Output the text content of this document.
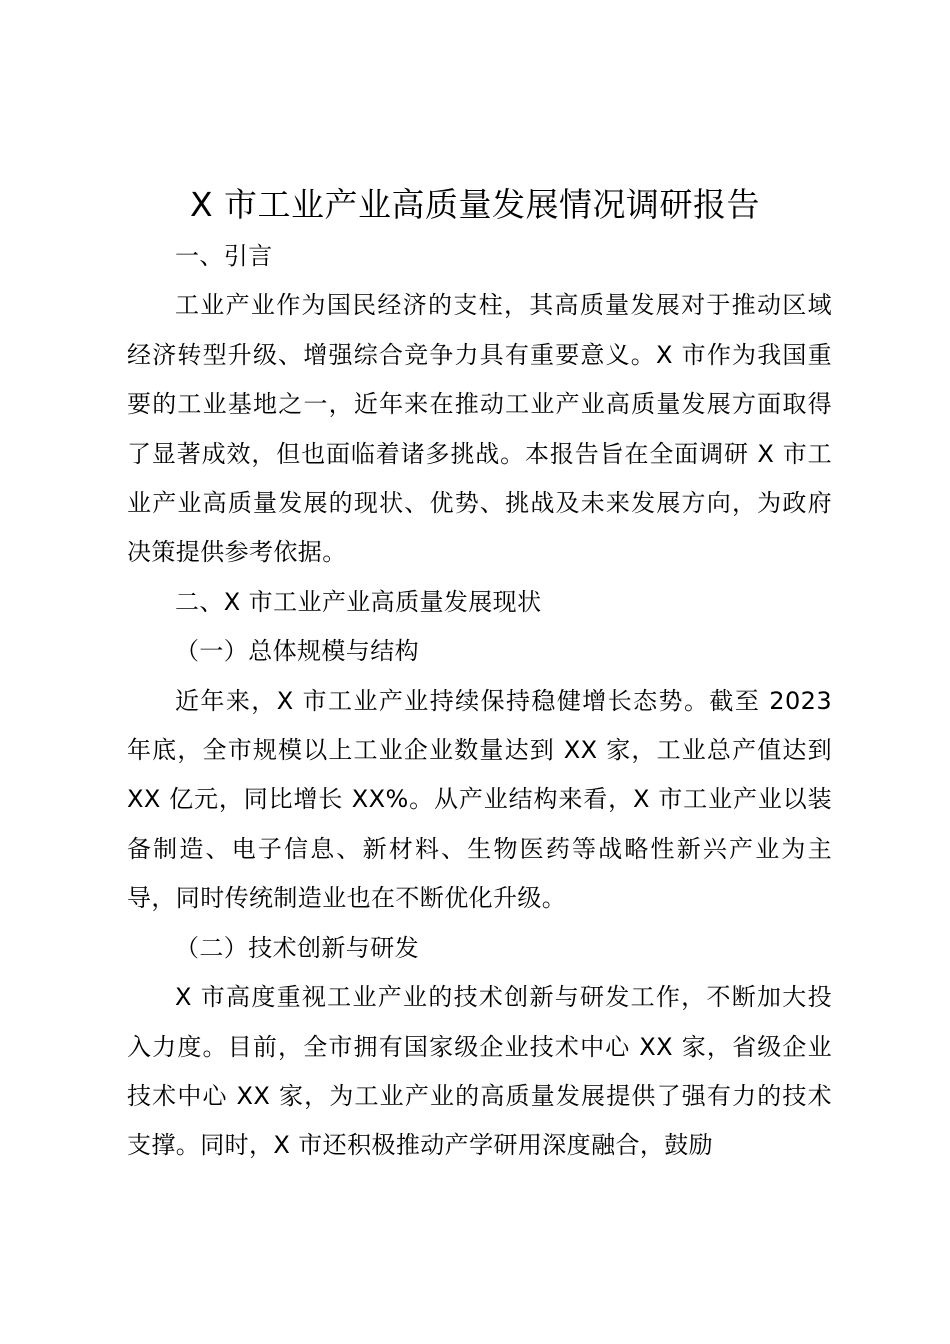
X 市工业产业高质量发展情况调研报告

一、引言

工业产业作为国民经济的支柱，其高质量发展对于推动区域经济转型升级、增强综合竞争力具有重要意义。X 市作为我国重要的工业基地之一，近年来在推动工业产业高质量发展方面取得了显著成效，但也面临着诸多挑战。本报告旨在全面调研 X 市工业产业高质量发展的现状、优势、挑战及未来发展方向，为政府决策提供参考依据。

二、X 市工业产业高质量发展现状

（一）总体规模与结构

近年来，X 市工业产业持续保持稳健增长态势。截至 2023 年底，全市规模以上工业企业数量达到 XX 家，工业总产值达到 XX 亿元，同比增长 XX%。从产业结构来看，X 市工业产业以装备制造、电子信息、新材料、生物医药等战略性新兴产业为主导，同时传统制造业也在不断优化升级。

（二）技术创新与研发

X 市高度重视工业产业的技术创新与研发工作，不断加大投入力度。目前，全市拥有国家级企业技术中心 XX 家，省级企业技术中心 XX 家，为工业产业的高质量发展提供了强有力的技术支撑。同时，X 市还积极推动产学研用深度融合，鼓励
